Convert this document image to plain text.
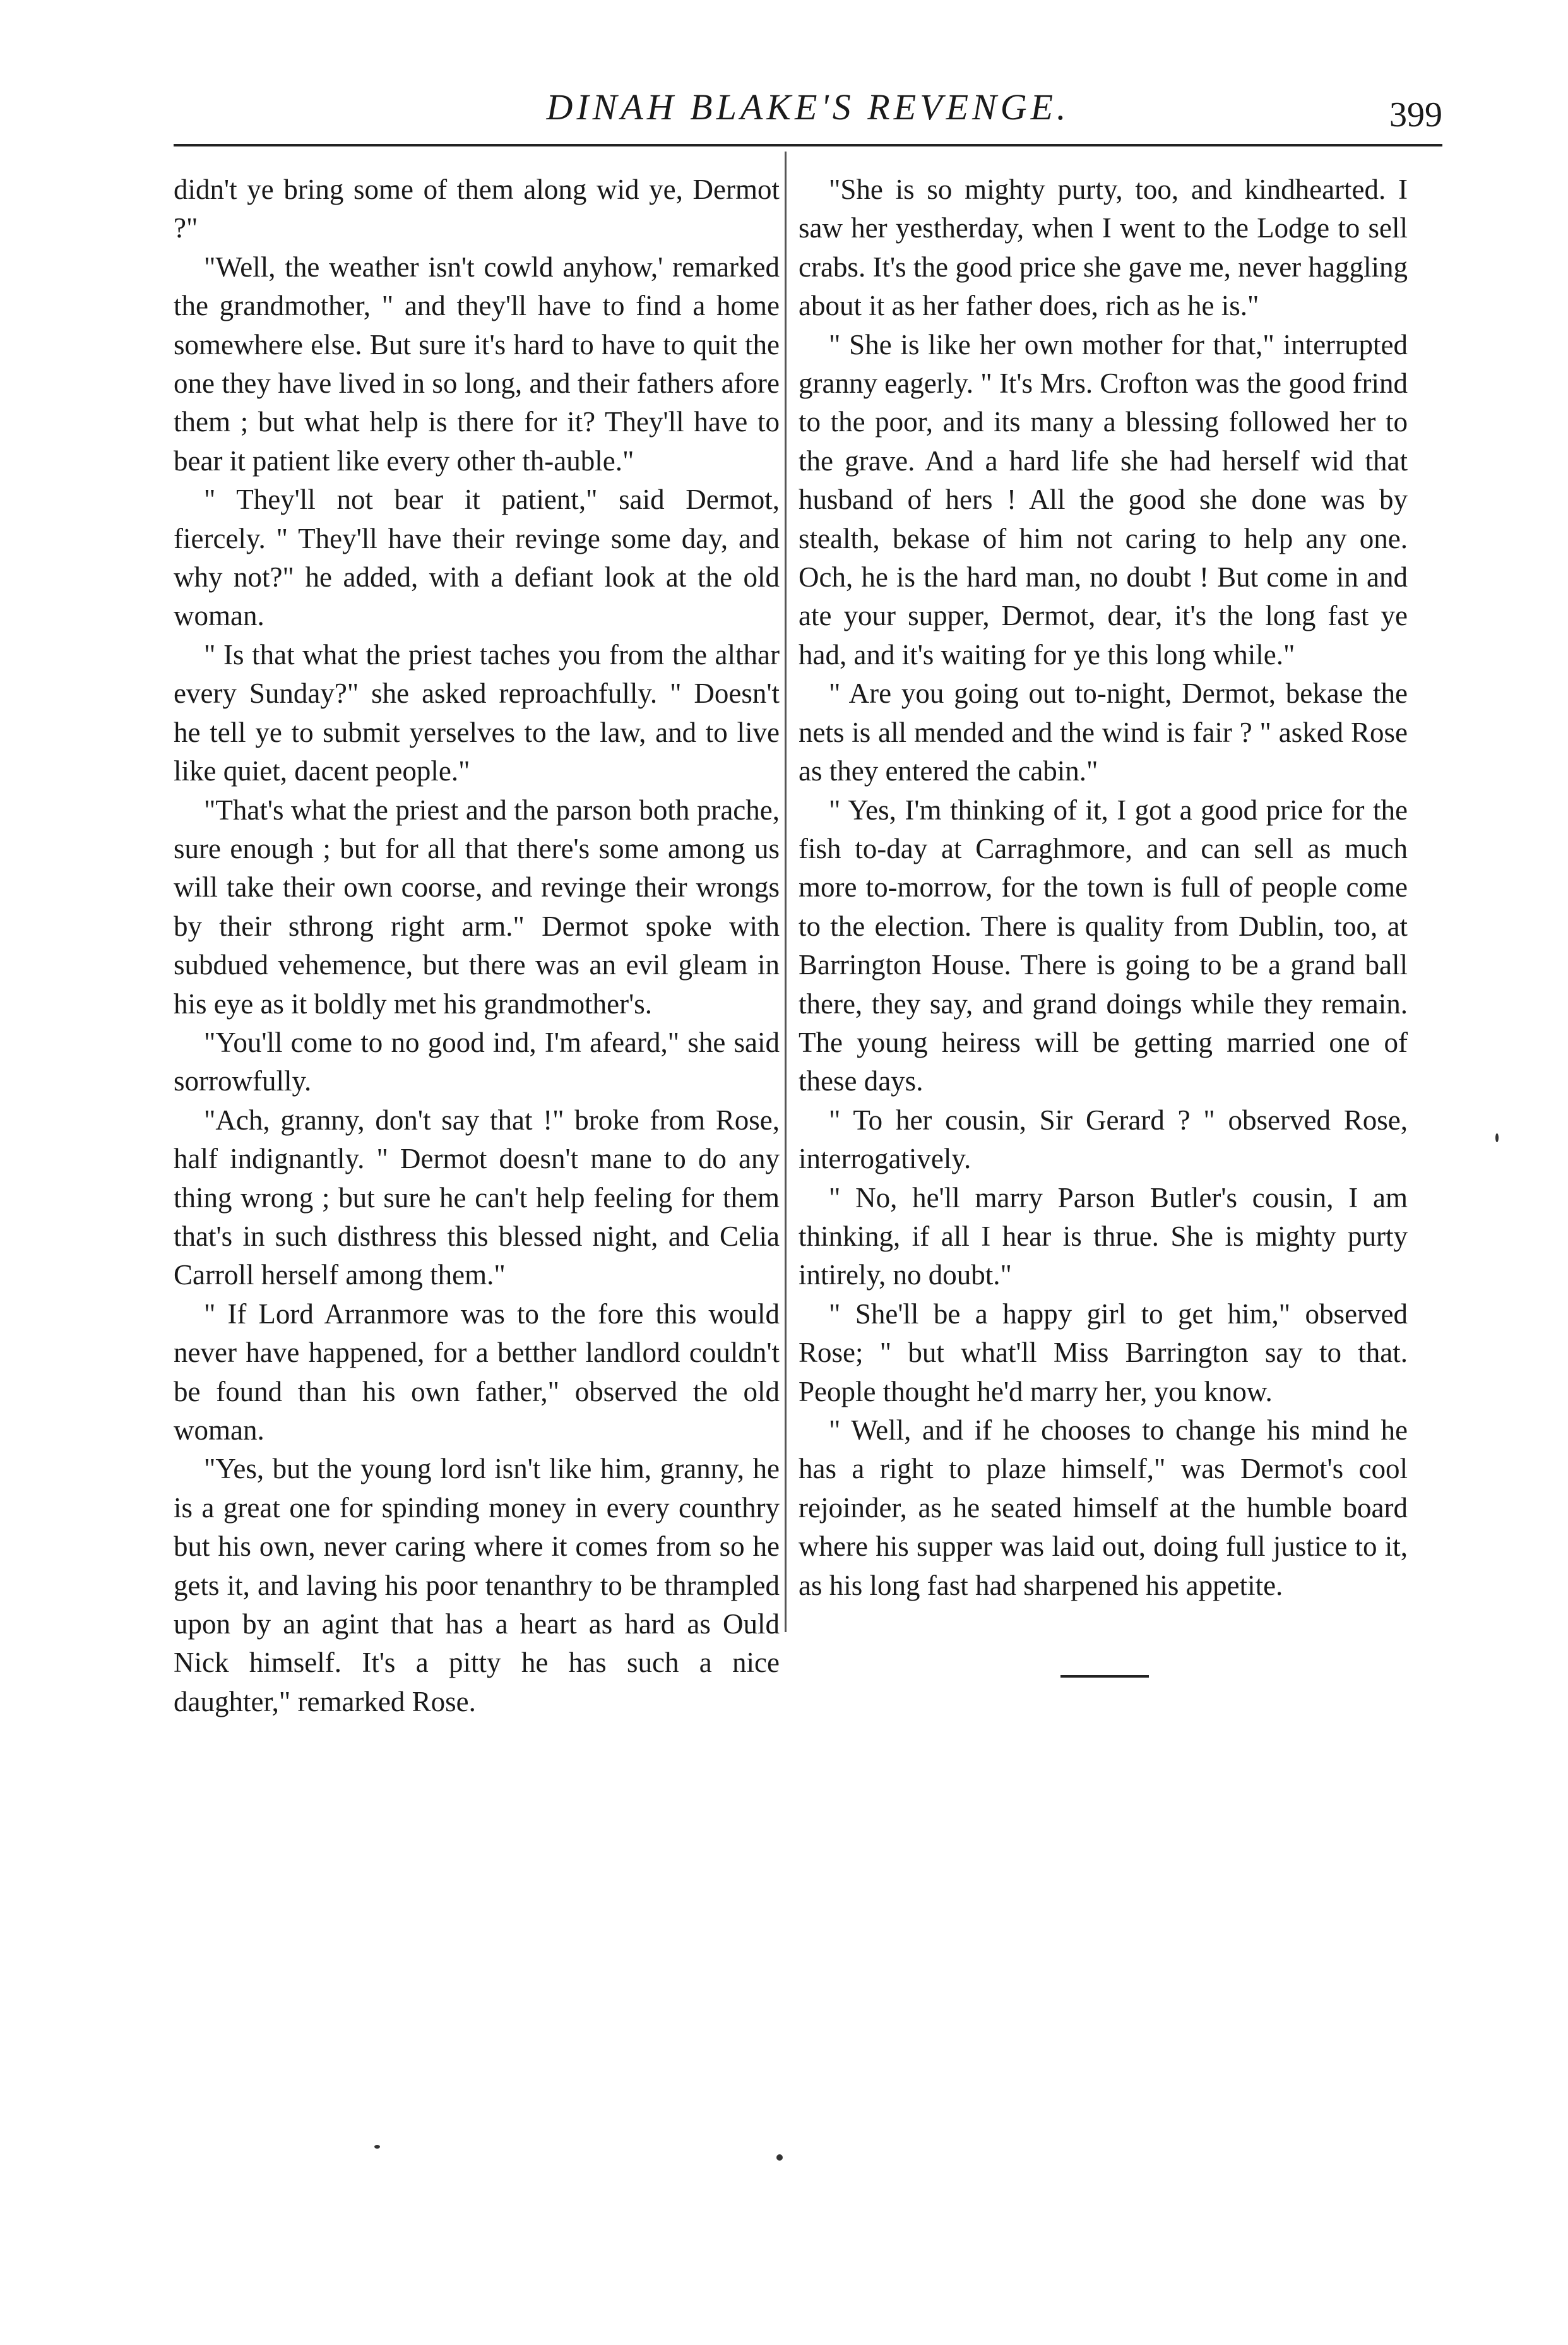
DINAH BLAKE'S REVENGE.	399

didn't ye bring some of them along wid ye, Dermot ?"

"Well, the weather isn't cowld anyhow,' remarked the grandmother, " and they'll have to find a home somewhere else. But sure it's hard to have to quit the one they have lived in so long, and their fathers afore them ; but what help is there for it? They'll have to bear it patient like every other th-auble."

" They'll not bear it patient," said Dermot, fiercely. " They'll have their revinge some day, and why not?" he added, with a defiant look at the old woman.

" Is that what the priest taches you from the althar every Sunday?" she asked reproachfully. " Doesn't he tell ye to submit yerselves to the law, and to live like quiet, dacent people."

"That's what the priest and the parson both prache, sure enough ; but for all that there's some among us will take their own coorse, and revinge their wrongs by their sthrong right arm." Dermot spoke with subdued vehemence, but there was an evil gleam in his eye as it boldly met his grandmother's.

"You'll come to no good ind, I'm afeard," she said sorrowfully.

"Ach, granny, don't say that !" broke from Rose, half indignantly. " Dermot doesn't mane to do any thing wrong ; but sure he can't help feeling for them that's in such disthress this blessed night, and Celia Carroll herself among them."

" If Lord Arranmore was to the fore this would never have happened, for a betther landlord couldn't be found than his own father," observed the old woman.

"Yes, but the young lord isn't like him, granny, he is a great one for spinding money in every counthry but his own, never caring where it comes from so he gets it, and laving his poor tenanthry to be thrampled upon by an agint that has a heart as hard as Ould Nick himself. It's a pitty he has such a nice daughter," remarked Rose.

"She is so mighty purty, too, and kindhearted. I saw her yestherday, when I went to the Lodge to sell crabs. It's the good price she gave me, never haggling about it as her father does, rich as he is."

" She is like her own mother for that," interrupted granny eagerly. " It's Mrs. Crofton was the good frind to the poor, and its many a blessing followed her to the grave. And a hard life she had herself wid that husband of hers ! All the good she done was by stealth, bekase of him not caring to help any one. Och, he is the hard man, no doubt ! But come in and ate your supper, Dermot, dear, it's the long fast ye had, and it's waiting for ye this long while."

" Are you going out to-night, Dermot, bekase the nets is all mended and the wind is fair ? " asked Rose as they entered the cabin."

" Yes, I'm thinking of it, I got a good price for the fish to-day at Carraghmore, and can sell as much more to-morrow, for the town is full of people come to the election. There is quality from Dublin, too, at Barrington House. There is going to be a grand ball there, they say, and grand doings while they remain. The young heiress will be getting married one of these days.

" To her cousin, Sir Gerard ? " observed Rose, interrogatively.

" No, he'll marry Parson Butler's cousin, I am thinking, if all I hear is thrue. She is mighty purty intirely, no doubt."

" She'll be a happy girl to get him," observed Rose; " but what'll Miss Barrington say to that. People thought he'd marry her, you know.

" Well, and if he chooses to change his mind he has a right to plaze himself," was Dermot's cool rejoinder, as he seated himself at the humble board where his supper was laid out, doing full justice to it, as his long fast had sharpened his appetite.
